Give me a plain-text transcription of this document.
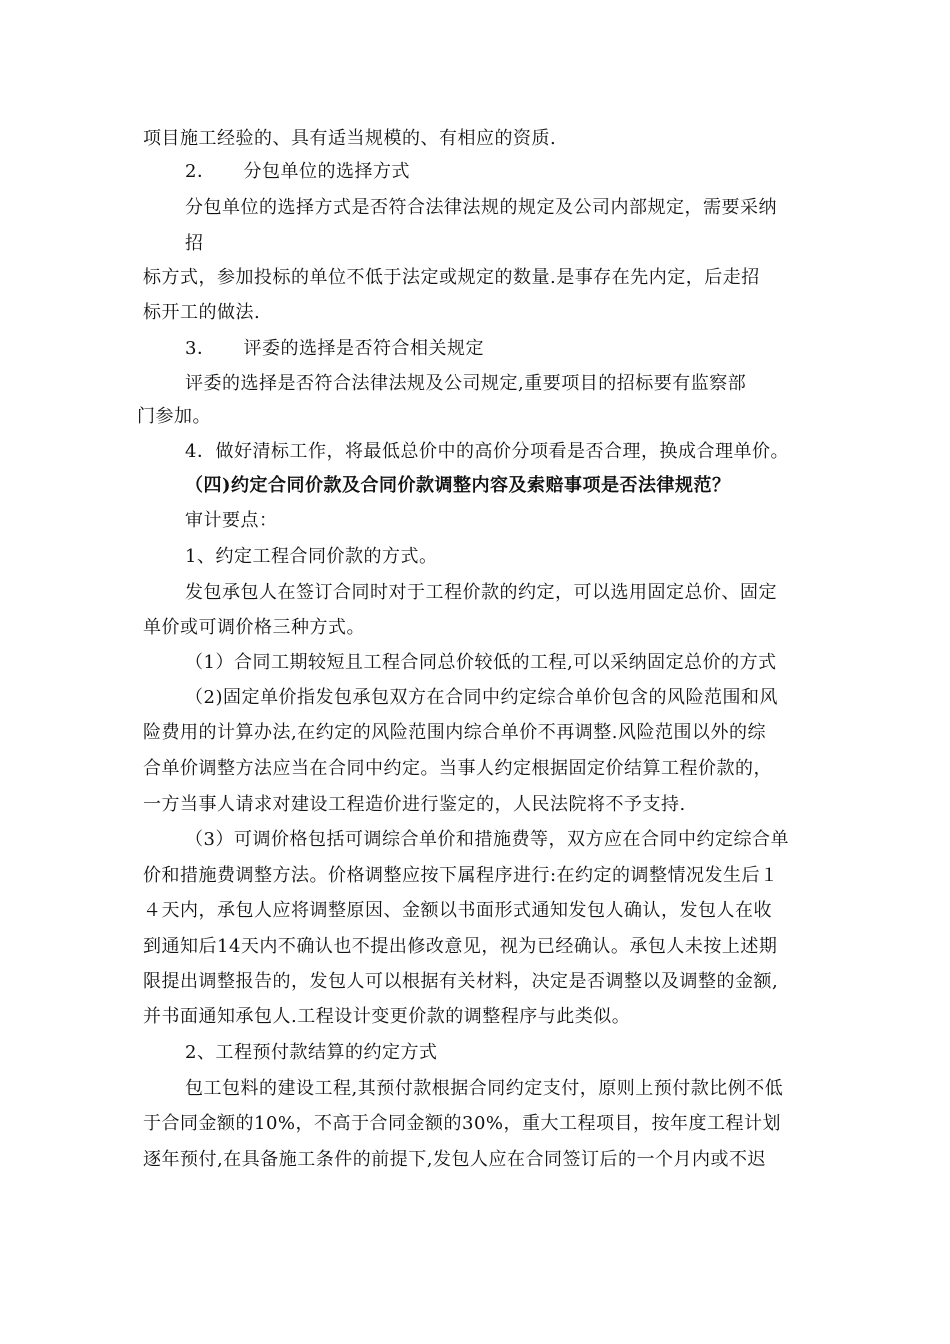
项目施工经验的、具有适当规模的、有相应的资质.
2．　　分包单位的选择方式
分包单位的选择方式是否符合法律法规的规定及公司内部规定，需要采纳
招
标方式，参加投标的单位不低于法定或规定的数量.是事存在先内定，后走招
标开工的做法.
3．　　评委的选择是否符合相关规定
评委的选择是否符合法律法规及公司规定,重要项目的招标要有监察部
门参加。
4．做好清标工作，将最低总价中的高价分项看是否合理，换成合理单价。
（四)约定合同价款及合同价款调整内容及索赔事项是否法律规范？
审计要点：
1、约定工程合同价款的方式。
发包承包人在签订合同时对于工程价款的约定，可以选用固定总价、固定
单价或可调价格三种方式。
（1）合同工期较短且工程合同总价较低的工程,可以采纳固定总价的方式
（2)固定单价指发包承包双方在合同中约定综合单价包含的风险范围和风
险费用的计算办法,在约定的风险范围内综合单价不再调整.风险范围以外的综
合单价调整方法应当在合同中约定。当事人约定根据固定价结算工程价款的，
一方当事人请求对建设工程造价进行鉴定的，人民法院将不予支持.
（3）可调价格包括可调综合单价和措施费等，双方应在合同中约定综合单
价和措施费调整方法。价格调整应按下属程序进行:在约定的调整情况发生后１
４天内，承包人应将调整原因、金额以书面形式通知发包人确认，发包人在收
到通知后14天内不确认也不提出修改意见，视为已经确认。承包人未按上述期
限提出调整报告的，发包人可以根据有关材料，决定是否调整以及调整的金额,
并书面通知承包人.工程设计变更价款的调整程序与此类似。
2、工程预付款结算的约定方式
包工包料的建设工程,其预付款根据合同约定支付，原则上预付款比例不低
于合同金额的10%，不高于合同金额的30%，重大工程项目，按年度工程计划
逐年预付,在具备施工条件的前提下,发包人应在合同签订后的一个月内或不迟
